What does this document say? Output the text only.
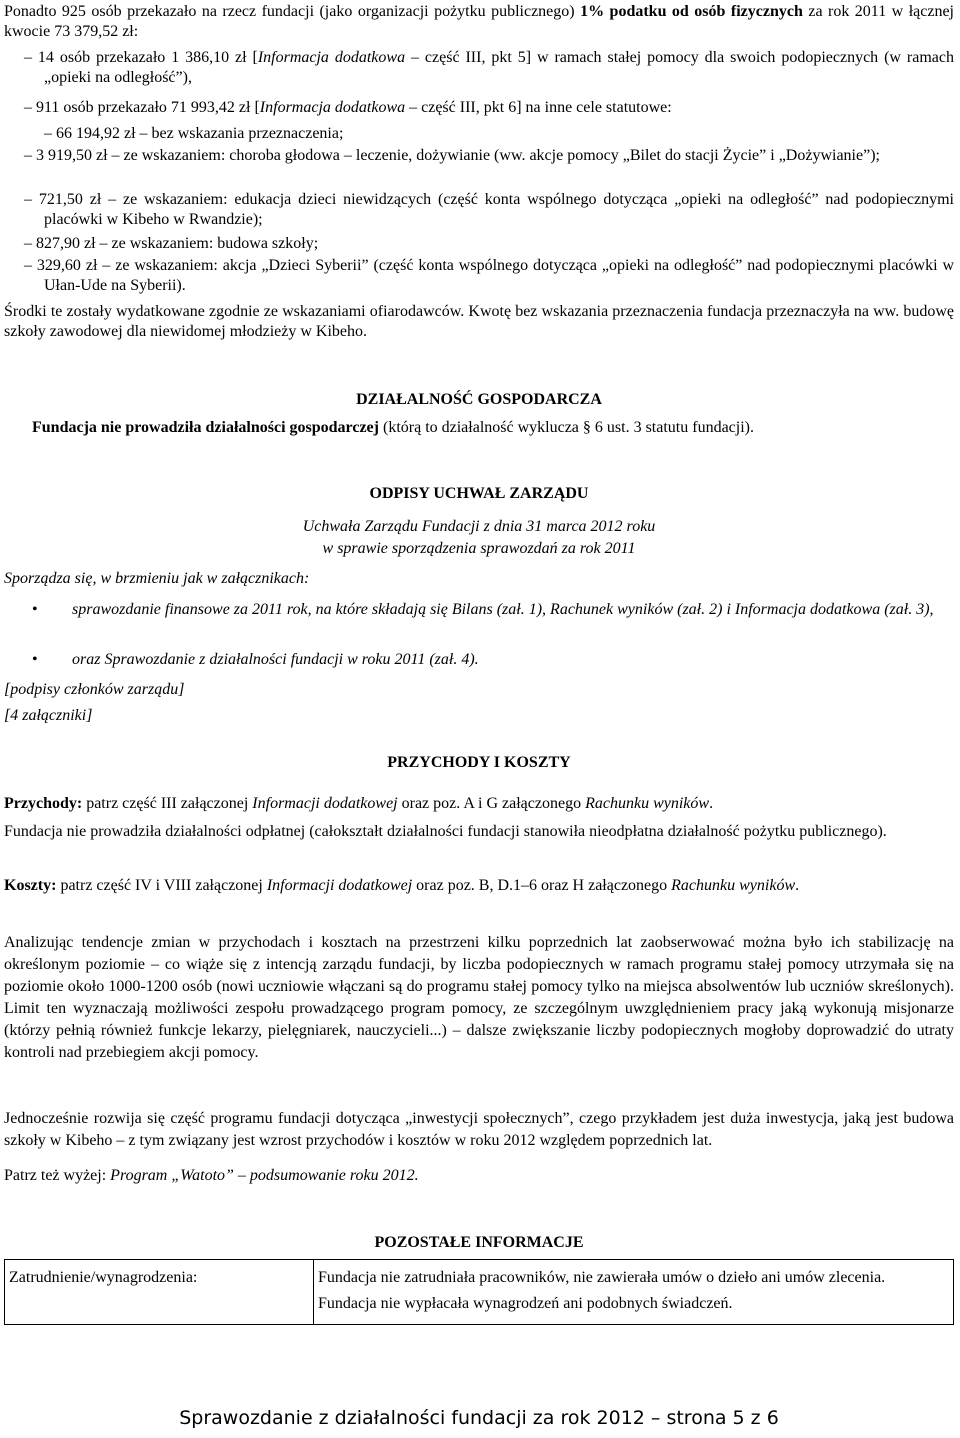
Ponadto 925 osób przekazało na rzecz fundacji (jako organizacji pożytku publicznego) 1% podatku od osób fizycznych za rok 2011 w łącznej kwocie 73 379,52 zł:
– 14 osób przekazało 1 386,10 zł [Informacja dodatkowa – część III, pkt 5] w ramach stałej pomocy dla swoich podopiecznych (w ramach „opieki na odległość”),
– 911 osób przekazało 71 993,42 zł [Informacja dodatkowa – część III, pkt 6] na inne cele statutowe:
– 66 194,92 zł – bez wskazania przeznaczenia;
– 3 919,50 zł – ze wskazaniem: choroba głodowa – leczenie, dożywianie (ww. akcje pomocy „Bilet do stacji Życie” i „Dożywianie”);
– 721,50 zł – ze wskazaniem: edukacja dzieci niewidzących (część konta wspólnego dotycząca „opieki na odległość” nad podopiecznymi placówki w Kibeho w Rwandzie);
– 827,90 zł – ze wskazaniem: budowa szkoły;
– 329,60 zł – ze wskazaniem: akcja „Dzieci Syberii” (część konta wspólnego dotycząca „opieki na odległość” nad podopiecznymi placówki w Ułan-Ude na Syberii).
Środki te zostały wydatkowane zgodnie ze wskazaniami ofiarodawców. Kwotę bez wskazania przeznaczenia fundacja przeznaczyła na ww. budowę szkoły zawodowej dla niewidomej młodzieży w Kibeho.
DZIAŁALNOŚĆ GOSPODARCZA
Fundacja nie prowadziła działalności gospodarczej (którą to działalność wyklucza § 6 ust. 3 statutu fundacji).
ODPISY UCHWAŁ ZARZĄDU
Uchwała Zarządu Fundacji z dnia 31 marca 2012 roku
w sprawie sporządzenia sprawozdań za rok 2011
Sporządza się, w brzmieniu jak w załącznikach:
• sprawozdanie finansowe za 2011 rok, na które składają się Bilans (zał. 1), Rachunek wyników (zał. 2) i Informacja dodatkowa (zał. 3),
• oraz Sprawozdanie z działalności fundacji w roku 2011 (zał. 4).
[podpisy członków zarządu]
[4 załączniki]
PRZYCHODY I KOSZTY
Przychody: patrz część III załączonej Informacji dodatkowej oraz poz. A i G załączonego Rachunku wyników.
Fundacja nie prowadziła działalności odpłatnej (całokształt działalności fundacji stanowiła nieodpłatna działalność pożytku publicznego).
Koszty: patrz część IV i VIII załączonej Informacji dodatkowej oraz poz. B, D.1–6 oraz H załączonego Rachunku wyników.
Analizując tendencje zmian w przychodach i kosztach na przestrzeni kilku poprzednich lat zaobserwować można było ich stabilizację na określonym poziomie – co wiąże się z intencją zarządu fundacji, by liczba podopiecznych w ramach programu stałej pomocy utrzymała się na poziomie około 1000-1200 osób (nowi uczniowie włączani są do programu stałej pomocy tylko na miejsca absolwentów lub uczniów skreślonych). Limit ten wyznaczają możliwości zespołu prowadzącego program pomocy, ze szczególnym uwzględnieniem pracy jaką wykonują misjonarze (którzy pełnią również funkcje lekarzy, pielęgniarek, nauczycieli...) – dalsze zwiększanie liczby podopiecznych mogłoby doprowadzić do utraty kontroli nad przebiegiem akcji pomocy.
Jednocześnie rozwija się część programu fundacji dotycząca „inwestycji społecznych”, czego przykładem jest duża inwestycja, jaką jest budowa szkoły w Kibeho – z tym związany jest wzrost przychodów i kosztów w roku 2012 względem poprzednich lat.
Patrz też wyżej: Program „Watoto” – podsumowanie roku 2012.
POZOSTAŁE INFORMACJE
Zatrudnienie/wynagrodzenia:	Fundacja nie zatrudniała pracowników, nie zawierała umów o dzieło ani umów zlecenia.

Fundacja nie wypłacała wynagrodzeń ani podobnych świadczeń.

Sprawozdanie z działalności fundacji za rok 2012 – strona 5 z 6
